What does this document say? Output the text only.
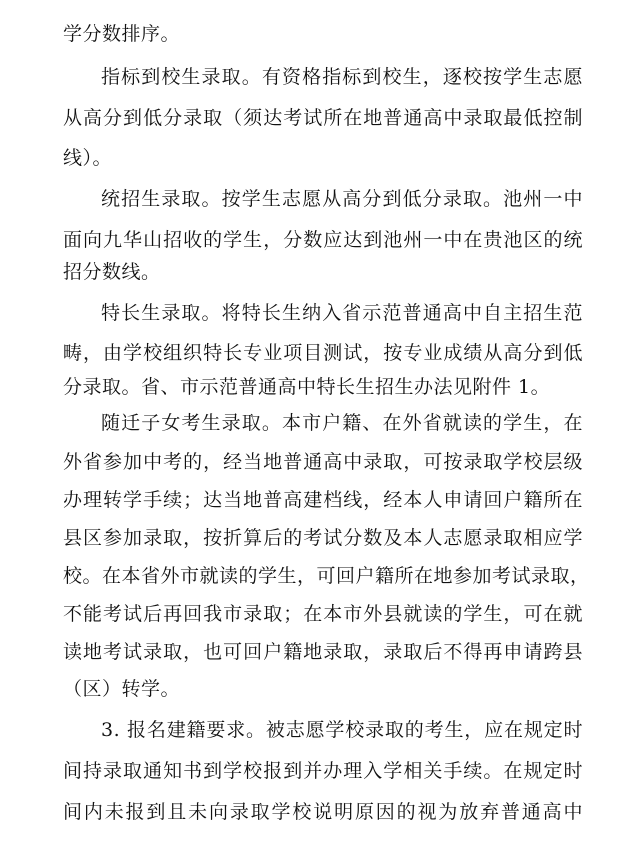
学分数排序。
指标到校生录取。有资格指标到校生，逐校按学生志愿
从高分到低分录取（须达考试所在地普通高中录取最低控制
线）。
统招生录取。按学生志愿从高分到低分录取。池州一中
面向九华山招收的学生，分数应达到池州一中在贵池区的统
招分数线。
特长生录取。将特长生纳入省示范普通高中自主招生范
畴，由学校组织特长专业项目测试，按专业成绩从高分到低
分录取。省、市示范普通高中特长生招生办法见附件 1。
随迁子女考生录取。本市户籍、在外省就读的学生，在
外省参加中考的，经当地普通高中录取，可按录取学校层级
办理转学手续；达当地普高建档线，经本人申请回户籍所在
县区参加录取，按折算后的考试分数及本人志愿录取相应学
校。在本省外市就读的学生，可回户籍所在地参加考试录取，
不能考试后再回我市录取；在本市外县就读的学生，可在就
读地考试录取，也可回户籍地录取，录取后不得再申请跨县
（区）转学。
3. 报名建籍要求。被志愿学校录取的考生，应在规定时
间持录取通知书到学校报到并办理入学相关手续。在规定时
间内未报到且未向录取学校说明原因的视为放弃普通高中
